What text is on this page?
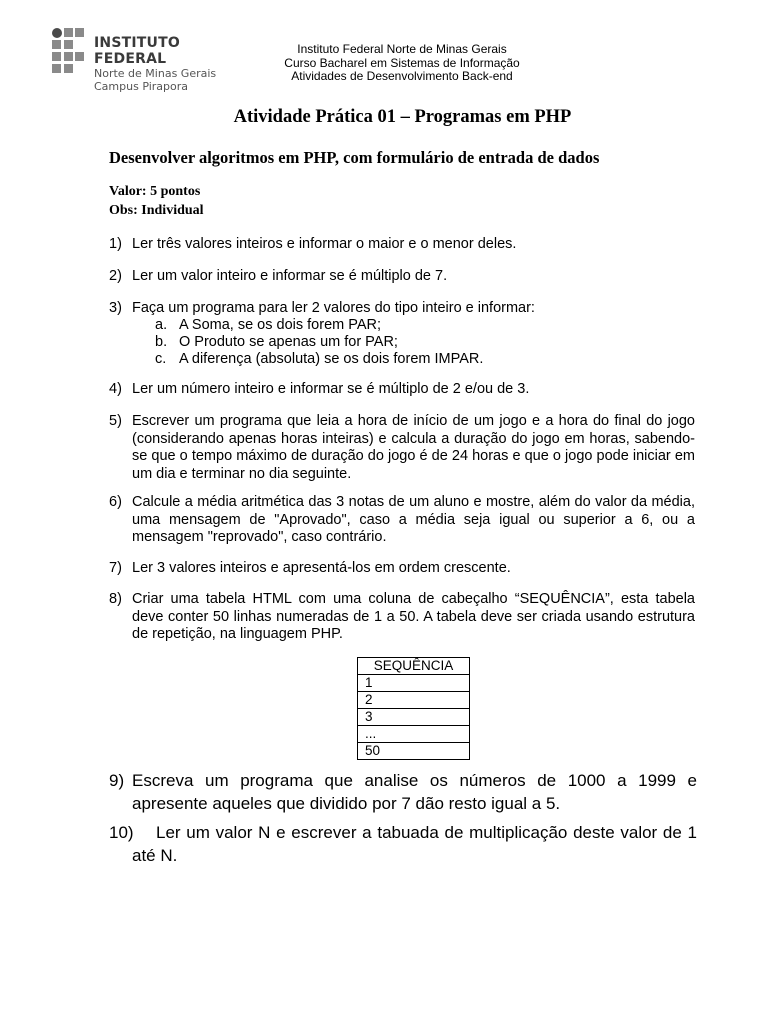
INSTITUTO FEDERAL
Norte de Minas Gerais
Campus Pirapora
Instituto Federal Norte de Minas Gerais
Curso Bacharel em Sistemas de Informação
Atividades de Desenvolvimento Back-end
Atividade Prática 01 – Programas em PHP
Desenvolver algoritmos em PHP, com formulário de entrada de dados
Valor: 5 pontos
Obs: Individual
1) Ler três valores inteiros e informar o maior e o menor deles.
2) Ler um valor inteiro e informar se é múltiplo de 7.
3) Faça um programa para ler 2 valores do tipo inteiro e informar:
a. A Soma, se os dois forem PAR;
b. O Produto se apenas um for PAR;
c. A diferença (absoluta) se os dois forem IMPAR.
4) Ler um número inteiro e informar se é múltiplo de 2 e/ou de 3.
5) Escrever um programa que leia a hora de início de um jogo e a hora do final do jogo (considerando apenas horas inteiras) e calcula a duração do jogo em horas, sabendo-se que o tempo máximo de duração do jogo é de 24 horas e que o jogo pode iniciar em um dia e terminar no dia seguinte.
6) Calcule a média aritmética das 3 notas de um aluno e mostre, além do valor da média, uma mensagem de "Aprovado", caso a média seja igual ou superior a 6, ou a mensagem "reprovado", caso contrário.
7) Ler 3 valores inteiros e apresentá-los em ordem crescente.
8) Criar uma tabela HTML com uma coluna de cabeçalho “SEQUÊNCIA”, esta tabela deve conter 50 linhas numeradas de 1 a 50. A tabela deve ser criada usando estrutura de repetição, na linguagem PHP.
SEQUÊNCIA
1
2
3
...
50
9) Escreva um programa que analise os números de 1000 a 1999 e apresente aqueles que dividido por 7 dão resto igual a 5.
10)	Ler um valor N e escrever a tabuada de multiplicação deste valor de 1 até N.
